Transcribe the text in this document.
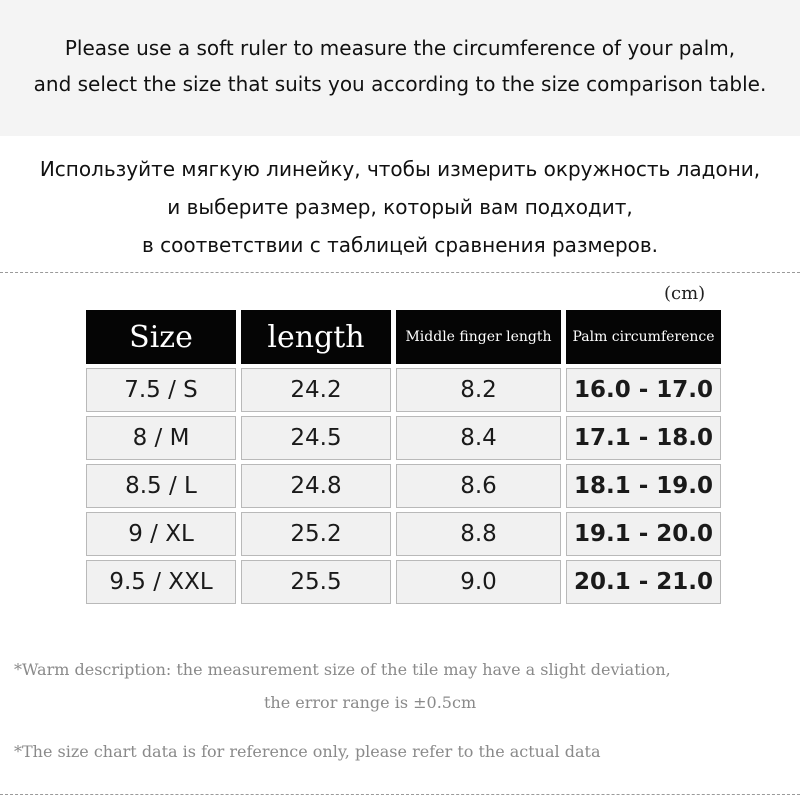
Please use a soft ruler to measure the circumference of your palm,
and select the size that suits you according to the size comparison table.
Используйте мягкую линейку, чтобы измерить окружность ладони,
и выберите размер, который вам подходит,
в соответствии с таблицей сравнения размеров.
(cm)
Size	length	Middle finger length	Palm circumference
7.5 / S	24.2	8.2	16.0 - 17.0
8 / M	24.5	8.4	17.1 - 18.0
8.5 / L	24.8	8.6	18.1 - 19.0
9 / XL	25.2	8.8	19.1 - 20.0
9.5 / XXL	25.5	9.0	20.1 - 21.0
*Warm description: the measurement size of the tile may have a slight deviation,
the error range is ±0.5cm
*The size chart data is for reference only, please refer to the actual data
